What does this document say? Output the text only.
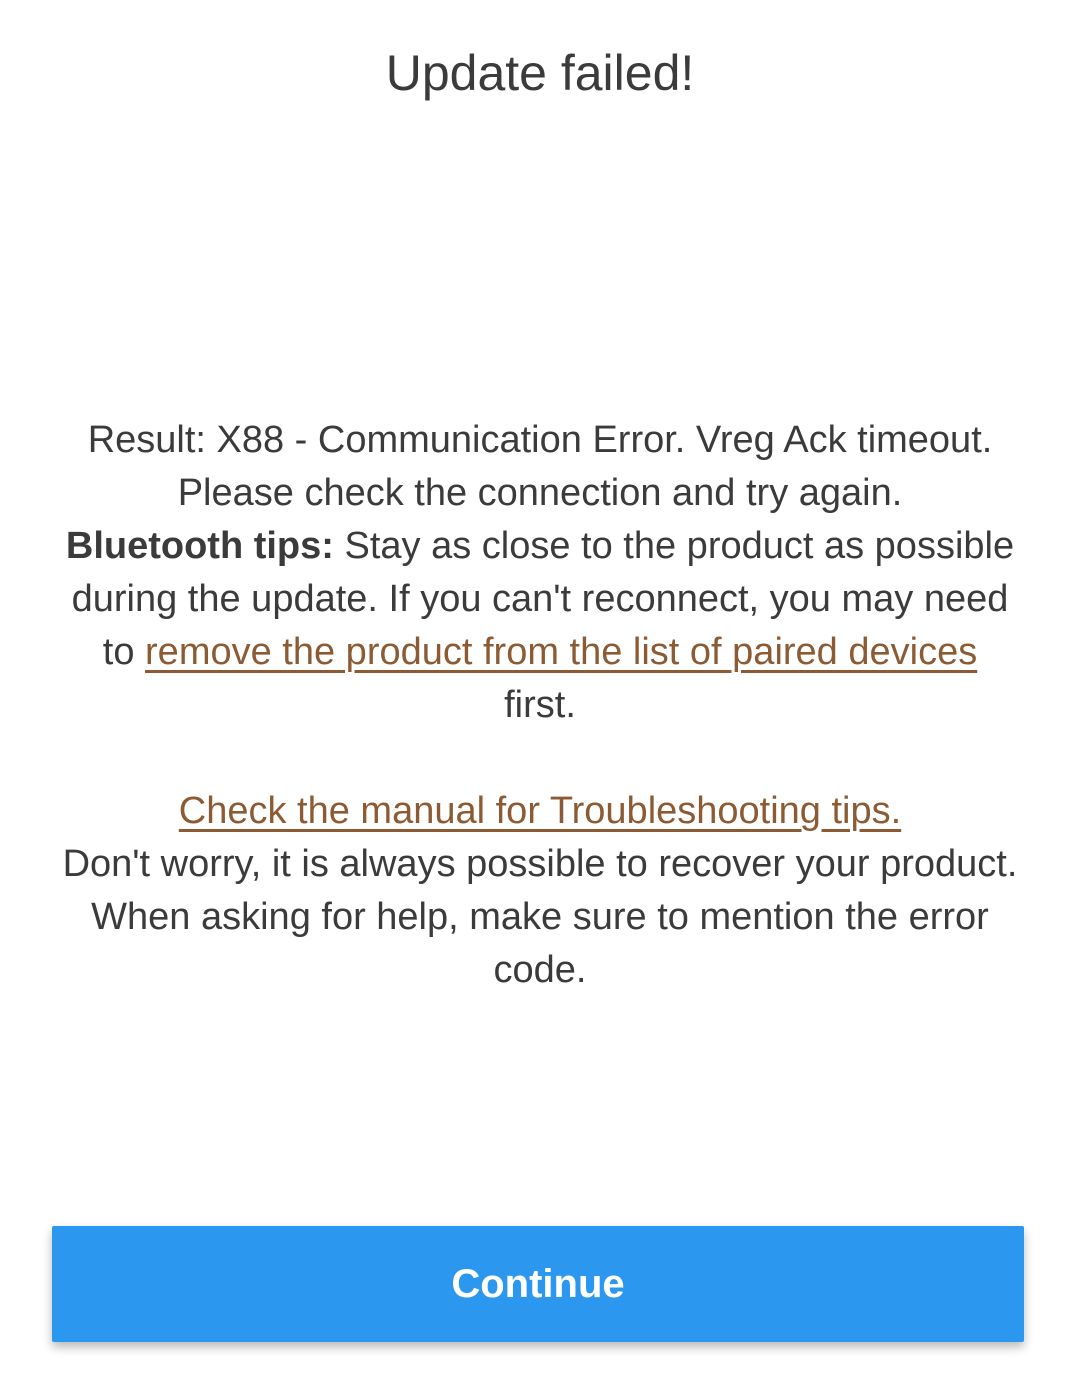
Update failed!
Result: X88 - Communication Error. Vreg Ack timeout.
Please check the connection and try again.
Bluetooth tips: Stay as close to the product as possible
during the update. If you can't reconnect, you may need
to remove the product from the list of paired devices
first.
Check the manual for Troubleshooting tips.
Don't worry, it is always possible to recover your product.
When asking for help, make sure to mention the error
code.
Continue
